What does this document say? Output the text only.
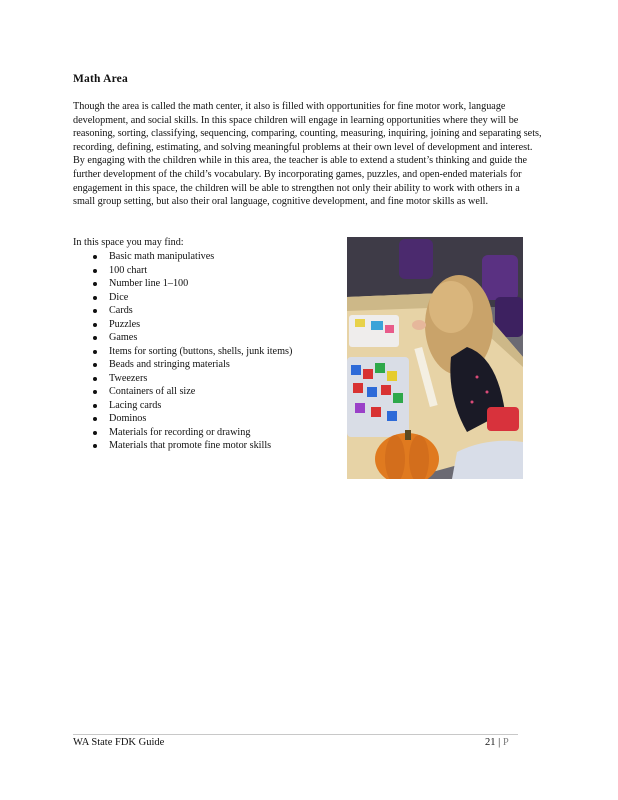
Math Area

Though the area is called the math center, it also is filled with opportunities for fine motor work, language development, and social skills. In this space children will engage in learning opportunities where they will be reasoning, sorting, classifying, sequencing, comparing, counting, measuring, inquiring, joining and separating sets, recording, defining, estimating, and solving meaningful problems at their own level of development and interest. By engaging with the children while in this area, the teacher is able to extend a student’s thinking and guide the further development of the child’s vocabulary. By incorporating games, puzzles, and open-ended materials for engagement in this space, the children will be able to strengthen not only their ability to work with others in a small group setting, but also their oral language, cognitive development, and fine motor skills as well.

In this space you may find:
Basic math manipulatives
100 chart
Number line 1–100
Dice
Cards
Puzzles
Games
Items for sorting (buttons, shells, junk items)
Beads and stringing materials
Tweezers
Containers of all size
Lacing cards
Dominos
Materials for recording or drawing
Materials that promote fine motor skills
WA State FDK Guide	21 | P
